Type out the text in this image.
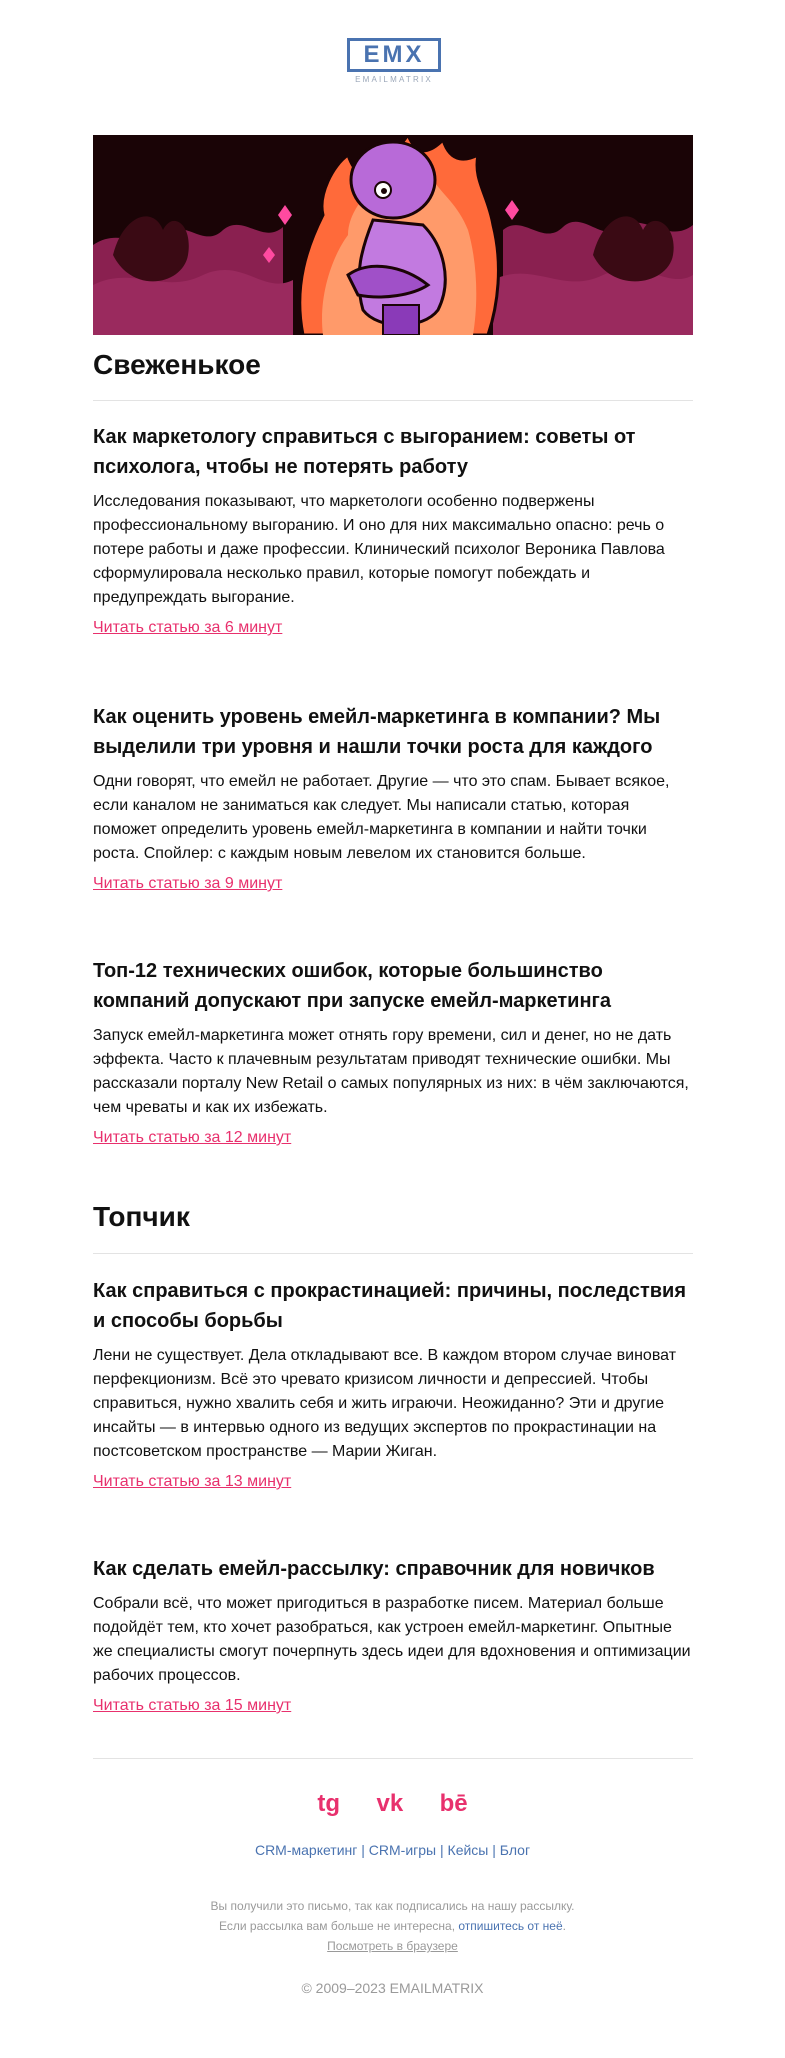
EMX
EMAILMATRIX
Свеженькое
Как маркетологу справиться с выгоранием: советы от психолога, чтобы не потерять работу

Исследования показывают, что маркетологи особенно подвержены профессиональному выгоранию. И оно для них максимально опасно: речь о потере работы и даже профессии. Клинический психолог Вероника Павлова сформулировала несколько правил, которые помогут побеждать и предупреждать выгорание.

Читать статью за 6 минут
Как оценить уровень емейл-маркетинга в компании? Мы выделили три уровня и нашли точки роста для каждого

Одни говорят, что емейл не работает. Другие — что это спам. Бывает всякое, если каналом не заниматься как следует. Мы написали статью, которая поможет определить уровень емейл-маркетинга в компании и найти точки роста. Спойлер: с каждым новым левелом их становится больше.

Читать статью за 9 минут
Топ-12 технических ошибок, которые большинство компаний допускают при запуске емейл-маркетинга

Запуск емейл-маркетинга может отнять гору времени, сил и денег, но не дать эффекта. Часто к плачевным результатам приводят технические ошибки. Мы рассказали порталу New Retail о самых популярных из них: в чём заключаются, чем чреваты и как их избежать.

Читать статью за 12 минут
Топчик
Как справиться с прокрастинацией: причины, последствия и способы борьбы

Лени не существует. Дела откладывают все. В каждом втором случае виноват перфекционизм. Всё это чревато кризисом личности и депрессией. Чтобы справиться, нужно хвалить себя и жить играючи. Неожиданно? Эти и другие инсайты — в интервью одного из ведущих экспертов по прокрастинации на постсоветском пространстве — Марии Жиган.

Читать статью за 13 минут
Как сделать емейл-рассылку: справочник для новичков

Собрали всё, что может пригодиться в разработке писем. Материал больше подойдёт тем, кто хочет разобраться, как устроен емейл-маркетинг. Опытные же специалисты смогут почерпнуть здесь идеи для вдохновения и оптимизации рабочих процессов.

Читать статью за 15 минут
tg vk bē
CRM-маркетинг | CRM-игры | Кейсы | Блог
Вы получили это письмо, так как подписались на нашу рассылку.
Если рассылка вам больше не интересна, отпишитесь от неё.
Посмотреть в браузере
© 2009–2023 EMAILMATRIX
